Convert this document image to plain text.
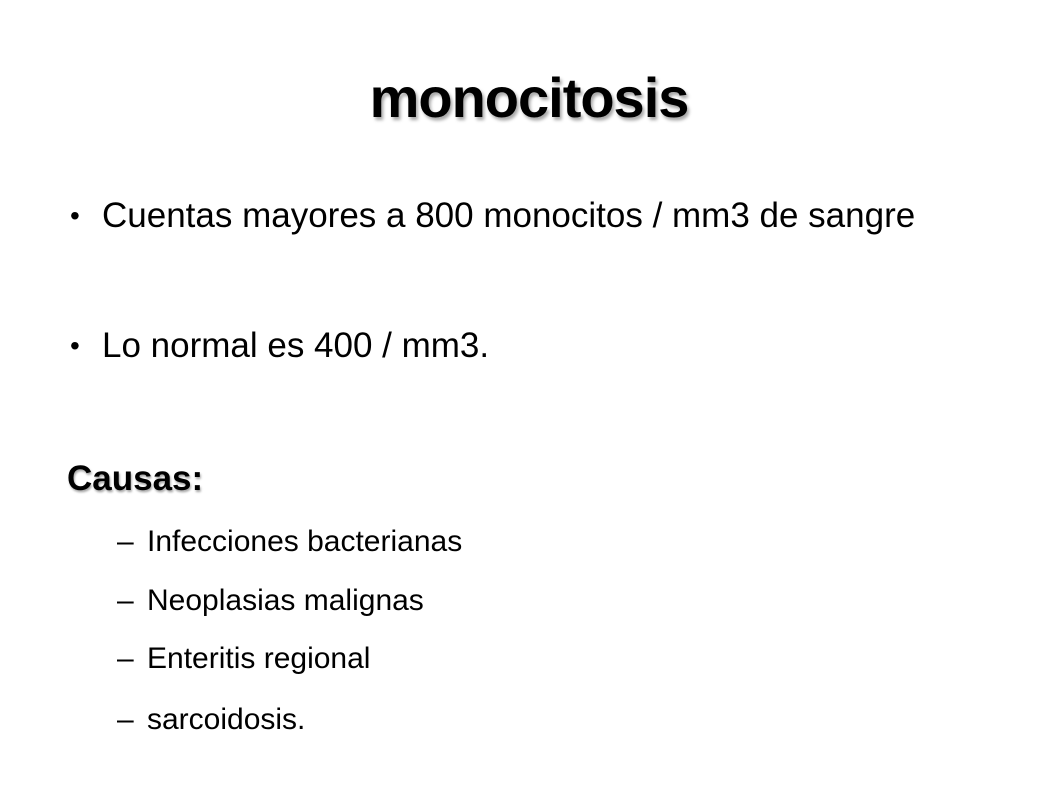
monocitosis
• Cuentas mayores a 800 monocitos / mm3 de sangre
• Lo normal es 400 / mm3.
Causas:
– Infecciones bacterianas
– Neoplasias malignas
– Enteritis regional
– sarcoidosis.
